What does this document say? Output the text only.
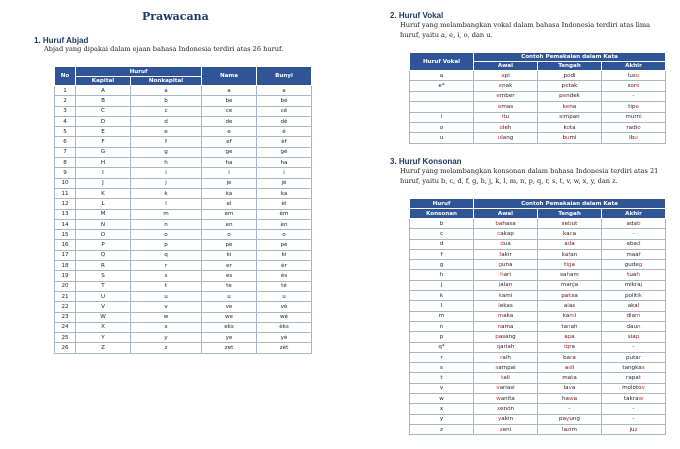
Prawacana
1. Huruf Abjad
Abjad yang dipakai dalam ejaan bahasa Indonesia terdiri atas 26 huruf.
No	Huruf		Nama	Bunyi
	Kapital	Nonkapital		
1	A	a	a	a
2	B	b	be	bé
3	C	c	ce	cé
4	D	d	de	dé
5	E	e	e	é
6	F	f	ef	èf
7	G	g	ge	gé
8	H	h	ha	ha
9	I	i	i	i
10	J	j	je	jé
11	K	k	ka	ka
12	L	l	el	èl
13	M	m	em	èm
14	N	n	en	èn
15	O	o	o	o
16	P	p	pe	pé
17	Q	q	ki	ki
18	R	r	er	èr
19	S	s	es	ès
20	T	t	te	té
21	U	u	u	u
22	V	v	ve	vé
23	W	w	we	wé
24	X	x	eks	èks
25	Y	y	ye	yé
26	Z	z	zet	zèt
2. Huruf Vokal
Huruf yang melambangkan vokal dalam bahasa Indonesia terdiri atas lima
huruf, yaitu a, e, i, o, dan u.
Huruf Vokal	Contoh Pemakaian dalam Kata		
	Awal	Tengah	Akhir
a	api	podi	luso
e*	enak	petak	sore
	ember	pendek	-
	emas	kena	tipe
i	itu	simpan	murni
o	oleh	kota	radio
u	ulang	bumi	ibu
3. Huruf Konsonan
Huruf yang melambangkan konsonan dalam bahasa Indonesia terdiri atas 21
huruf, yaitu b, c, d, f, g, h, j, k, l, m, n, p, q, r, s, t, v, w, x, y, dan z.
Huruf	Contoh Pemakaian dalam Kata		
Konsonan	Awal	Tengah	Akhir
b	bahasa	sebut	adab
c	cakap	kaca	-
d	dua	ada	abad
f	fakir	kafan	maaf
g	guna	tiga	gudeg
h	hari	saham	tuah
j	jalan	manja	mikraj
k	kami	paksa	politik
l	lekas	alas	akal
m	maka	kami	diam
n	nama	tanah	daun
p	pasang	apa	siap
q*	qariah	iqra	-
r	raih	bara	putar
s	sampai	asli	tangkas
t	tali	mata	rapat
v	variasi	lava	molotov
w	wanita	hawa	takraw
x	xenon	-	-
y	yakin	payung	-
z	zeni	lazim	juz
